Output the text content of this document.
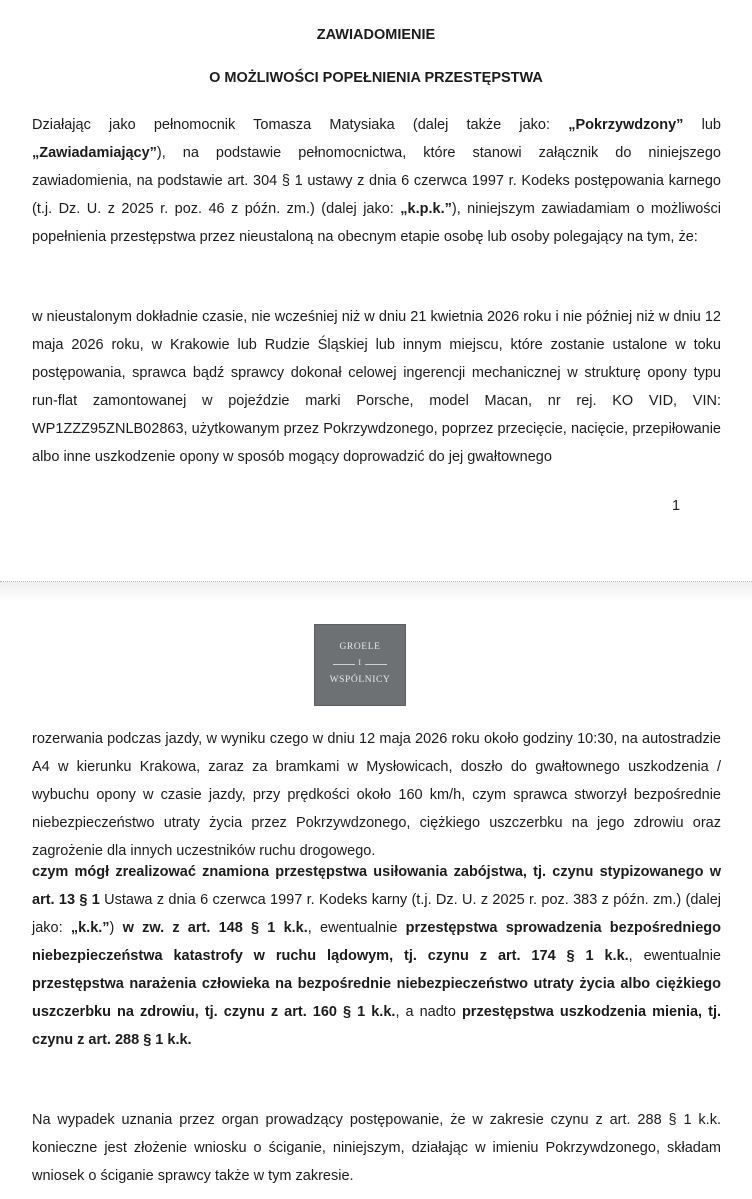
ZAWIADOMIENIE
O MOŻLIWOŚCI POPEŁNIENIA PRZESTĘPSTWA
Działając jako pełnomocnik Tomasza Matysiaka (dalej także jako: „Pokrzywdzony” lub „Zawiadamiający”), na podstawie pełnomocnictwa, które stanowi załącznik do niniejszego zawiadomienia, na podstawie art. 304 § 1 ustawy z dnia 6 czerwca 1997 r. Kodeks postępowania karnego (t.j. Dz. U. z 2025 r. poz. 46 z późn. zm.) (dalej jako: „k.p.k.”), niniejszym zawiadamiam o możliwości popełnienia przestępstwa przez nieustaloną na obecnym etapie osobę lub osoby polegający na tym, że:
w nieustalonym dokładnie czasie, nie wcześniej niż w dniu 21 kwietnia 2026 roku i nie później niż w dniu 12 maja 2026 roku, w Krakowie lub Rudzie Śląskiej lub innym miejscu, które zostanie ustalone w toku postępowania, sprawca bądź sprawcy dokonał celowej ingerencji mechanicznej w strukturę opony typu run-flat zamontowanej w pojeździe marki Porsche, model Macan, nr rej. KO VID, VIN: WP1ZZZ95ZNLB02863, użytkowanym przez Pokrzywdzonego, poprzez przecięcie, nacięcie, przepiłowanie albo inne uszkodzenie opony w sposób mogący doprowadzić do jej gwałtownego
1
GROELE
I
WSPÓLNICY
rozerwania podczas jazdy, w wyniku czego w dniu 12 maja 2026 roku około godziny 10:30, na autostradzie A4 w kierunku Krakowa, zaraz za bramkami w Mysłowicach, doszło do gwałtownego uszkodzenia / wybuchu opony w czasie jazdy, przy prędkości około 160 km/h, czym sprawca stworzył bezpośrednie niebezpieczeństwo utraty życia przez Pokrzywdzonego, ciężkiego uszczerbku na jego zdrowiu oraz zagrożenie dla innych uczestników ruchu drogowego.
czym mógł zrealizować znamiona przestępstwa usiłowania zabójstwa, tj. czynu stypizowanego w art. 13 § 1 Ustawa z dnia 6 czerwca 1997 r. Kodeks karny (t.j. Dz. U. z 2025 r. poz. 383 z późn. zm.) (dalej jako: „k.k.”) w zw. z art. 148 § 1 k.k., ewentualnie przestępstwa sprowadzenia bezpośredniego niebezpieczeństwa katastrofy w ruchu lądowym, tj. czynu z art. 174 § 1 k.k., ewentualnie przestępstwa narażenia człowieka na bezpośrednie niebezpieczeństwo utraty życia albo ciężkiego uszczerbku na zdrowiu, tj. czynu z art. 160 § 1 k.k., a nadto przestępstwa uszkodzenia mienia, tj. czynu z art. 288 § 1 k.k.
Na wypadek uznania przez organ prowadzący postępowanie, że w zakresie czynu z art. 288 § 1 k.k. konieczne jest złożenie wniosku o ściganie, niniejszym, działając w imieniu Pokrzywdzonego, składam wniosek o ściganie sprawcy także w tym zakresie.
